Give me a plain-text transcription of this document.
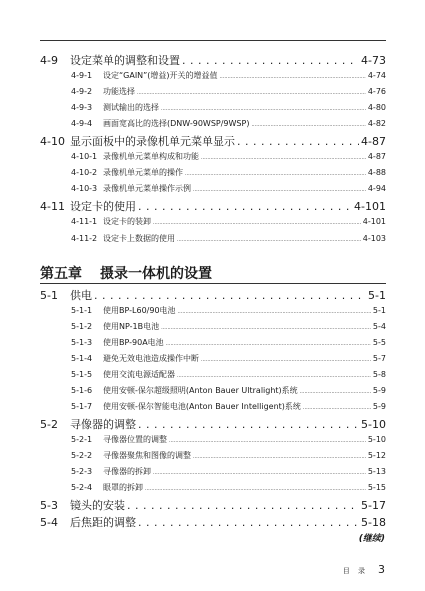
4-9	设定菜单的调整和设置 . . .	4-73
4-9-1	设定“GAIN”(增益)开关的增益值 .....	4-74
4-9-2	功能选择 .....	4-76
4-9-3	测试输出的选择 .....	4-80
4-9-4	画面宽高比的选择(DNW-90WSP/9WSP) .....	4-82
4-10 显示面板中的录像机单元菜单显示 . . .	4-87
4-10-1 录像机单元菜单构成和功能 .....	4-87
4-10-2 录像机单元菜单的操作 .....	4-88
4-10-3 录像机单元菜单操作示例 .....	4-94
4-11 设定卡的使用 . . .	4-101
4-11-1 设定卡的装卸 .....	4-101
4-11-2 设定卡上数据的使用 .....	4-103
第五章 摄录一体机的设置
5-1	供电 . . .	5-1
5-1-1	使用BP-L60/90电池 .....	5-1
5-1-2	使用NP-1B电池 .....	5-4
5-1-3	使用BP-90A电池 .....	5-5
5-1-4	避免无效电池造成操作中断 .....	5-7
5-1-5	使用交流电源适配器 .....	5-8
5-1-6	使用安顿-保尔超级照明(Anton Bauer Ultralight)系统 .....	5-9
5-1-7	使用安顿-保尔智能电池(Anton Bauer Intelligent)系统 .....	5-9
5-2	寻像器的调整 . . .	5-10
5-2-1	寻像器位置的调整 .....	5-10
5-2-2	寻像器聚焦和图像的调整 .....	5-12
5-2-3	寻像器的拆卸 .....	5-13
5-2-4	眼罩的拆卸 .....	5-15
5-3	镜头的安装 . . .	5-17
5-4	后焦距的调整 . . .	5-18
(继续)
目 录 3
